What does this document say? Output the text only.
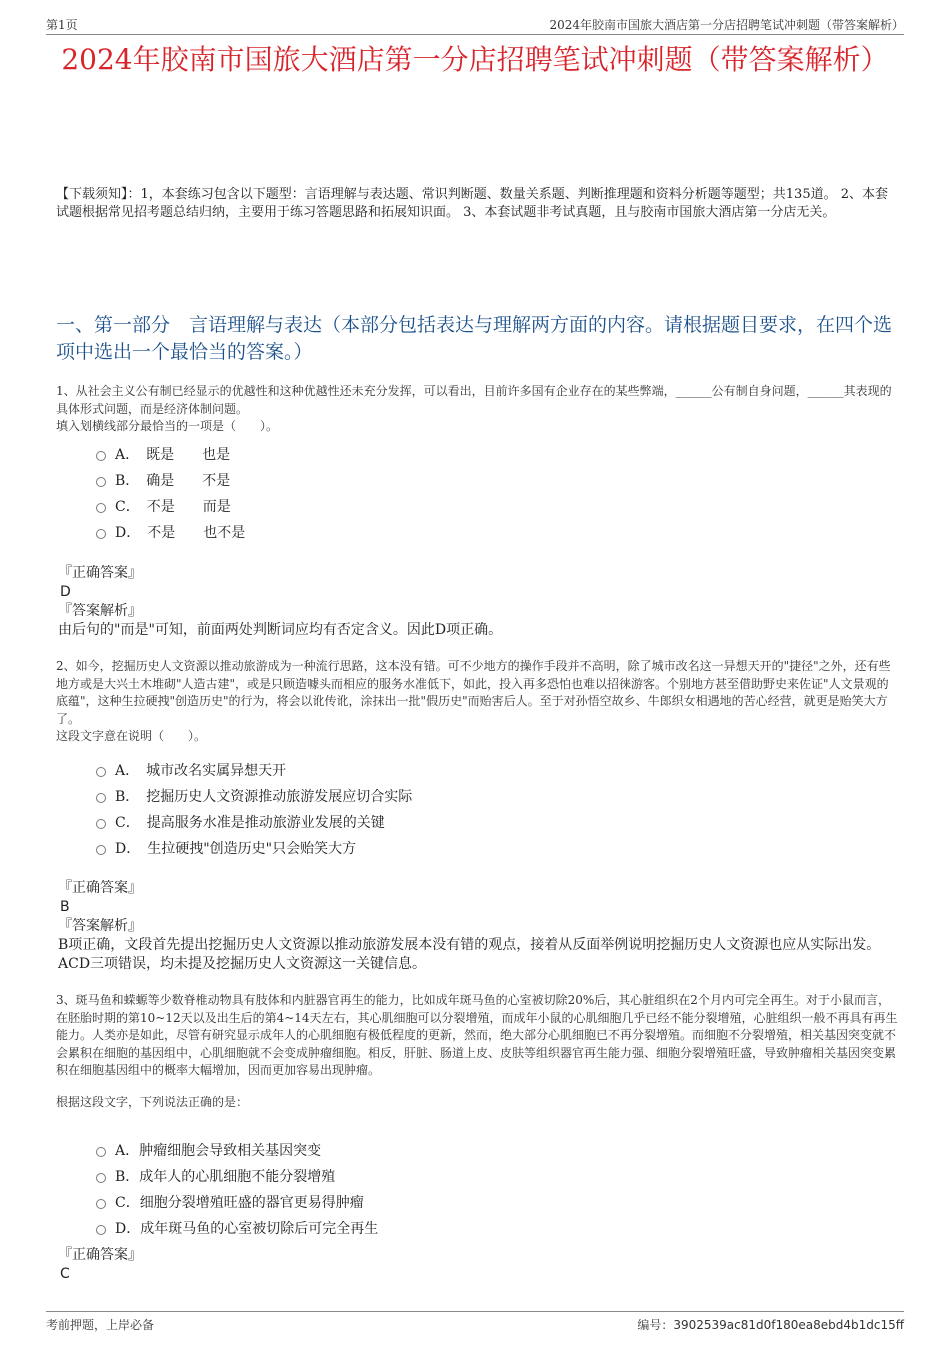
第1页	2024年胶南市国旅大酒店第一分店招聘笔试冲刺题（带答案解析）
2024年胶南市国旅大酒店第一分店招聘笔试冲刺题（带答案解析）
【下载须知】：1，本套练习包含以下题型：言语理解与表达题、常识判断题、数量关系题、判断推理题和资料分析题等题型；共135道。 2、本套试题根据常见招考题总结归纳，主要用于练习答题思路和拓展知识面。 3、本套试题非考试真题，且与胶南市国旅大酒店第一分店无关。
一、第一部分　言语理解与表达（本部分包括表达与理解两方面的内容。请根据题目要求，在四个选项中选出一个最恰当的答案。）
1、从社会主义公有制已经显示的优越性和这种优越性还未充分发挥，可以看出，目前许多国有企业存在的某些弊端，______公有制自身问题，______其表现的具体形式问题，而是经济体制问题。
填入划横线部分最恰当的一项是（　　）。
A．　既是　　也是
B．　确是　　不是
C．　不是　　而是
D．　不是　　也不是
『正确答案』
D
『答案解析』
由后句的"而是"可知，前面两处判断词应均有否定含义。因此D项正确。
2、如今，挖掘历史人文资源以推动旅游成为一种流行思路，这本没有错。可不少地方的操作手段并不高明，除了城市改名这一异想天开的"捷径"之外，还有些地方或是大兴土木堆砌"人造古建"，或是只顾造噱头而相应的服务水准低下，如此，投入再多恐怕也难以招徕游客。个别地方甚至借助野史来佐证"人文景观的底蕴"，这种生拉硬拽"创造历史"的行为，将会以讹传讹，涂抹出一批"假历史"而贻害后人。至于对孙悟空故乡、牛郎织女相遇地的苦心经营，就更是贻笑大方了。
这段文字意在说明（　　）。
A．　城市改名实属异想天开
B．　挖掘历史人文资源推动旅游发展应切合实际
C．　提高服务水准是推动旅游业发展的关键
D．　生拉硬拽"创造历史"只会贻笑大方
『正确答案』
B
『答案解析』
B项正确，文段首先提出挖掘历史人文资源以推动旅游发展本没有错的观点，接着从反面举例说明挖掘历史人文资源也应从实际出发。ACD三项错误，均未提及挖掘历史人文资源这一关键信息。
3、斑马鱼和蝾螈等少数脊椎动物具有肢体和内脏器官再生的能力，比如成年斑马鱼的心室被切除20%后，其心脏组织在2个月内可完全再生。对于小鼠而言，在胚胎时期的第10~12天以及出生后的第4~14天左右，其心肌细胞可以分裂增殖，而成年小鼠的心肌细胞几乎已经不能分裂增殖，心脏组织一般不再具有再生能力。人类亦是如此，尽管有研究显示成年人的心肌细胞有极低程度的更新，然而，绝大部分心肌细胞已不再分裂增殖。而细胞不分裂增殖，相关基因突变就不会累积在细胞的基因组中，心肌细胞就不会变成肿瘤细胞。相反，肝脏、肠道上皮、皮肤等组织器官再生能力强、细胞分裂增殖旺盛，导致肿瘤相关基因突变累积在细胞基因组中的概率大幅增加，因而更加容易出现肿瘤。
根据这段文字，下列说法正确的是：
A．肿瘤细胞会导致相关基因突变
B．成年人的心肌细胞不能分裂增殖
C．细胞分裂增殖旺盛的器官更易得肿瘤
D．成年斑马鱼的心室被切除后可完全再生
『正确答案』
C
考前押题，上岸必备	编号：3902539ac81d0f180ea8ebd4b1dc15ff
